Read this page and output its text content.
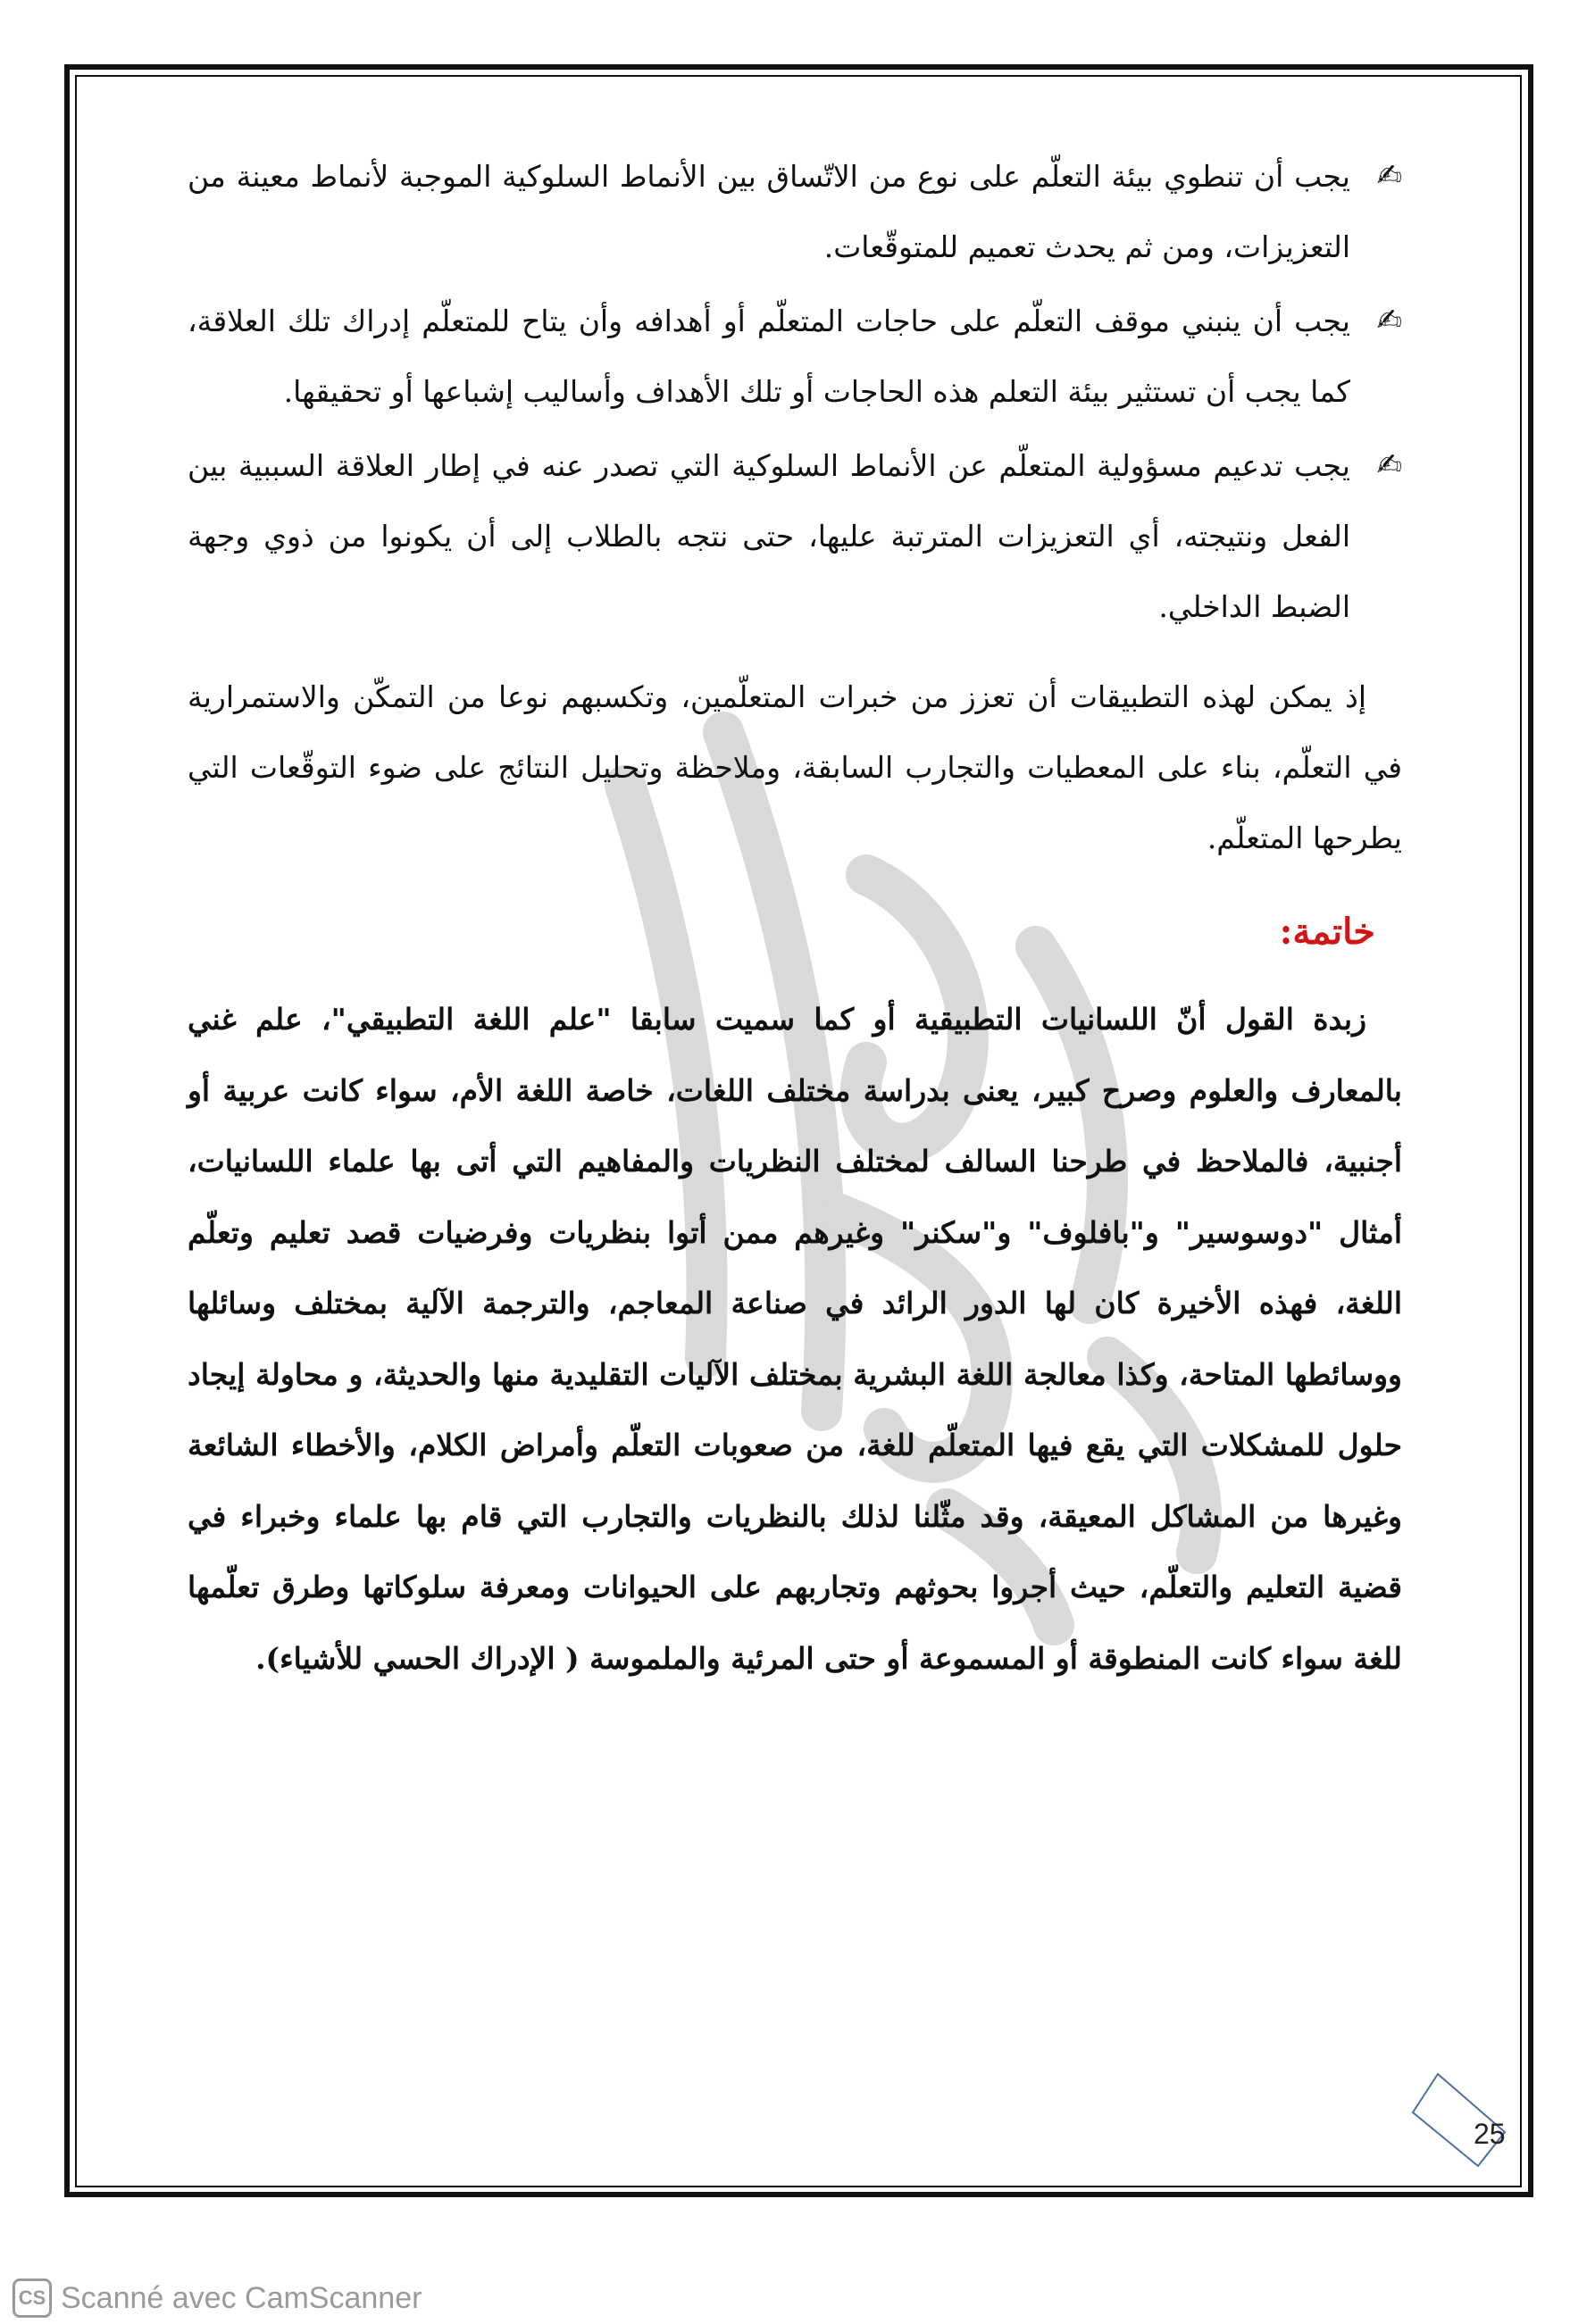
✍
يجب أن تنطوي بيئة التعلّم على نوع من الاتّساق بين الأنماط السلوكية الموجبة لأنماط معينة من التعزيزات، ومن ثم يحدث تعميم للمتوقّعات.
✍
يجب أن ينبني موقف التعلّم على حاجات المتعلّم أو أهدافه وأن يتاح للمتعلّم إدراك تلك العلاقة، كما يجب أن تستثير بيئة التعلم هذه الحاجات أو تلك الأهداف وأساليب إشباعها أو تحقيقها.
✍
يجب تدعيم مسؤولية المتعلّم عن الأنماط السلوكية التي تصدر عنه في إطار العلاقة السببية بين الفعل ونتيجته، أي التعزيزات المترتبة عليها، حتى نتجه بالطلاب إلى أن يكونوا من ذوي وجهة الضبط الداخلي.
إذ يمكن لهذه التطبيقات أن تعزز من خبرات المتعلّمين، وتكسبهم نوعا من التمكّن والاستمرارية في التعلّم، بناء على المعطيات والتجارب السابقة، وملاحظة وتحليل النتائج على ضوء التوقّعات التي يطرحها المتعلّم.
خاتمة:
زبدة القول أنّ اللسانيات التطبيقية أو كما سميت سابقا "علم اللغة التطبيقي"، علم غني بالمعارف والعلوم وصرح كبير، يعنى بدراسة مختلف اللغات، خاصة اللغة الأم، سواء كانت عربية أو أجنبية، فالملاحظ في طرحنا السالف لمختلف النظريات والمفاهيم التي أتى بها علماء اللسانيات، أمثال "دوسوسير" و"بافلوف" و"سكنر" وغيرهم ممن أتوا بنظريات وفرضيات قصد تعليم وتعلّم اللغة، فهذه الأخيرة كان لها الدور الرائد في صناعة المعاجم، والترجمة الآلية بمختلف وسائلها ووسائطها المتاحة، وكذا معالجة اللغة البشرية بمختلف الآليات التقليدية منها والحديثة، و محاولة إيجاد حلول للمشكلات التي يقع فيها المتعلّم للغة، من صعوبات التعلّم وأمراض الكلام، والأخطاء الشائعة وغيرها من المشاكل المعيقة، وقد مثّلنا لذلك بالنظريات والتجارب التي قام بها علماء وخبراء في قضية التعليم والتعلّم، حيث أجروا بحوثهم وتجاربهم على الحيوانات ومعرفة سلوكاتها وطرق تعلّمها للغة سواء كانت المنطوقة أو المسموعة أو حتى المرئية والملموسة ( الإدراك الحسي للأشياء).
25
CS Scanné avec CamScanner
